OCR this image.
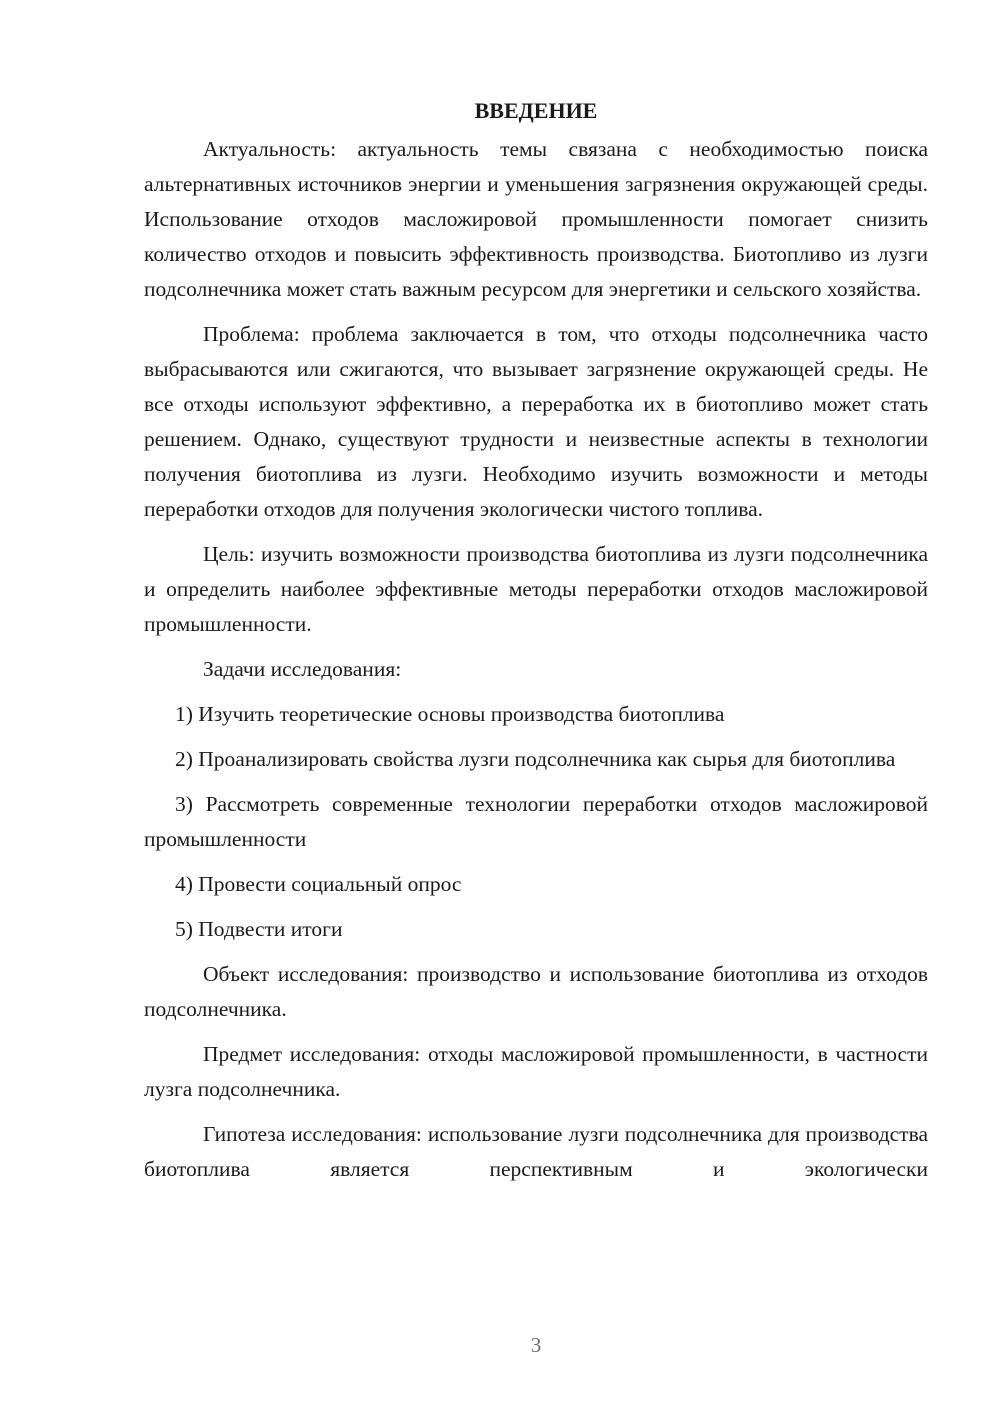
ВВЕДЕНИЕ

Актуальность: актуальность темы связана с необходимостью поиска альтернативных источников энергии и уменьшения загрязнения окружающей среды. Использование отходов масложировой промышленности помогает снизить количество отходов и повысить эффективность производства. Биотопливо из лузги подсолнечника может стать важным ресурсом для энергетики и сельского хозяйства.

Проблема: проблема заключается в том, что отходы подсолнечника часто выбрасываются или сжигаются, что вызывает загрязнение окружающей среды. Не все отходы используют эффективно, а переработка их в биотопливо может стать решением. Однако, существуют трудности и неизвестные аспекты в технологии получения биотоплива из лузги. Необходимо изучить возможности и методы переработки отходов для получения экологически чистого топлива.

Цель: изучить возможности производства биотоплива из лузги подсолнечника и определить наиболее эффективные методы переработки отходов масложировой промышленности.

Задачи исследования:

1) Изучить теоретические основы производства биотоплива

2) Проанализировать свойства лузги подсолнечника как сырья для биотоплива

3) Рассмотреть современные технологии переработки отходов масложировой промышленности

4) Провести социальный опрос

5) Подвести итоги

Объект исследования: производство и использование биотоплива из отходов подсолнечника.

Предмет исследования: отходы масложировой промышленности, в частности лузга подсолнечника.

Гипотеза исследования: использование лузги подсолнечника для производства биотоплива является перспективным и экологически

3
